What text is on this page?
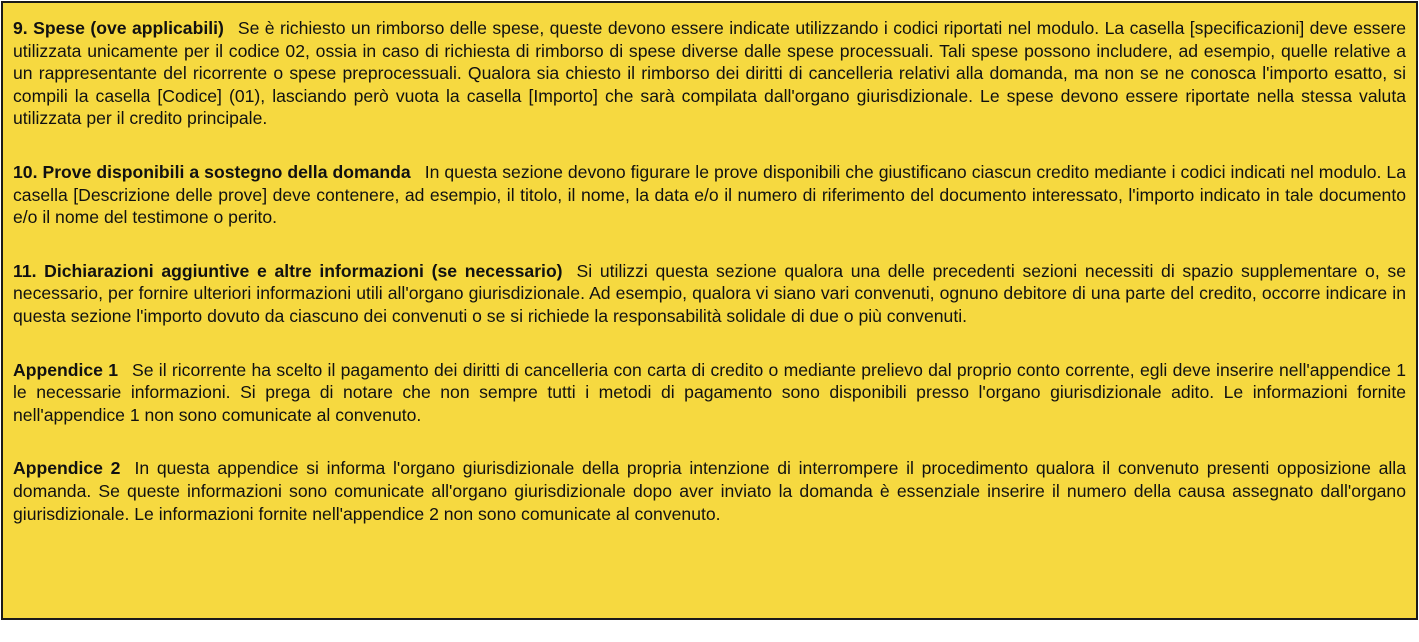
9. Spese (ove applicabili) Se è richiesto un rimborso delle spese, queste devono essere indicate utilizzando i codici riportati nel modulo. La casella [specificazioni] deve essere utilizzata unicamente per il codice 02, ossia in caso di richiesta di rimborso di spese diverse dalle spese processuali. Tali spese possono includere, ad esempio, quelle relative a un rappresentante del ricorrente o spese preprocessuali. Qualora sia chiesto il rimborso dei diritti di cancelleria relativi alla domanda, ma non se ne conosca l'importo esatto, si compili la casella [Codice] (01), lasciando però vuota la casella [Importo] che sarà compilata dall'organo giurisdizionale. Le spese devono essere riportate nella stessa valuta utilizzata per il credito principale.

10. Prove disponibili a sostegno della domanda In questa sezione devono figurare le prove disponibili che giustificano ciascun credito mediante i codici indicati nel modulo. La casella [Descrizione delle prove] deve contenere, ad esempio, il titolo, il nome, la data e/o il numero di riferimento del documento interessato, l'importo indicato in tale documento e/o il nome del testimone o perito.

11. Dichiarazioni aggiuntive e altre informazioni (se necessario) Si utilizzi questa sezione qualora una delle precedenti sezioni necessiti di spazio supplementare o, se necessario, per fornire ulteriori informazioni utili all'organo giurisdizionale. Ad esempio, qualora vi siano vari convenuti, ognuno debitore di una parte del credito, occorre indicare in questa sezione l'importo dovuto da ciascuno dei convenuti o se si richiede la responsabilità solidale di due o più convenuti.

Appendice 1 Se il ricorrente ha scelto il pagamento dei diritti di cancelleria con carta di credito o mediante prelievo dal proprio conto corrente, egli deve inserire nell'appendice 1 le necessarie informazioni. Si prega di notare che non sempre tutti i metodi di pagamento sono disponibili presso l'organo giurisdizionale adito. Le informazioni fornite nell'appendice 1 non sono comunicate al convenuto.

Appendice 2 In questa appendice si informa l'organo giurisdizionale della propria intenzione di interrompere il procedimento qualora il convenuto presenti opposizione alla domanda. Se queste informazioni sono comunicate all'organo giurisdizionale dopo aver inviato la domanda è essenziale inserire il numero della causa assegnato dall'organo giurisdizionale. Le informazioni fornite nell'appendice 2 non sono comunicate al convenuto.
